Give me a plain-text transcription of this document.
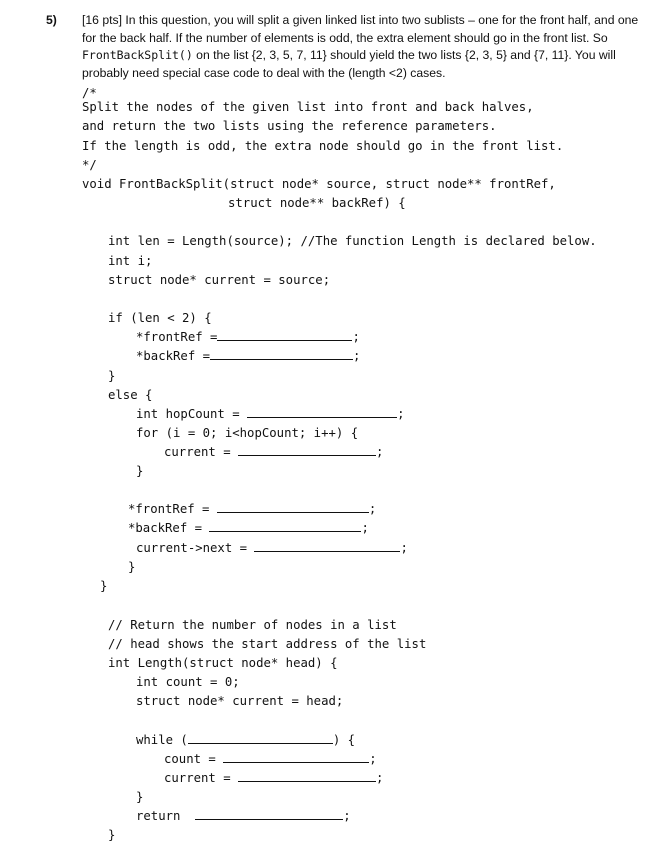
5) [16 pts] In this question, you will split a given linked list into two sublists – one for the front half, and one for the back half. If the number of elements is odd, the extra element should go in the front list. So FrontBackSplit() on the list {2, 3, 5, 7, 11} should yield the two lists {2, 3, 5} and {7, 11}. You will probably need special case code to deal with the (length <2) cases.

/*
Split the nodes of the given list into front and back halves,
and return the two lists using the reference parameters.
If the length is odd, the extra node should go in the front list.
*/
void FrontBackSplit(struct node* source, struct node** frontRef,
struct node** backRef) {
int len = Length(source); //The function Length is declared below.
int i;
struct node* current = source;
if (len < 2) {
*frontRef =	;
*backRef =	;
}
else {
int hopCount =	;
for (i = 0; i<hopCount; i++) {
current =	;
}
*frontRef =	;
*backRef =	;
current->next =	;
}
}
// Return the number of nodes in a list
// head shows the start address of the list
int Length(struct node* head) {
int count = 0;
struct node* current = head;
while (	) {
count =	;
current =	;
}
return	;
}
